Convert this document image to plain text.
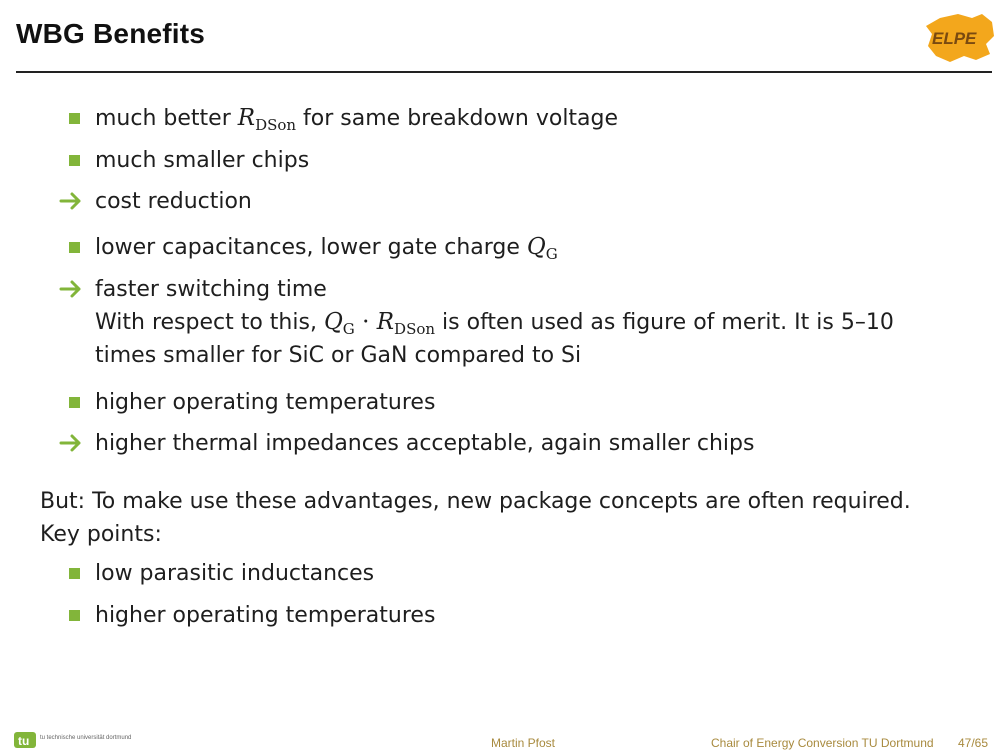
WBG Benefits	ELPE
much better $R_{DSon}$ for same breakdown voltage
much smaller chips
cost reduction
lower capacitances, lower gate charge $Q_G$
faster switching time
With respect to this, $Q_G \cdot R_{DSon}$ is often used as figure of merit. It is 5–10
times smaller for SiC or GaN compared to Si
higher operating temperatures
higher thermal impedances acceptable, again smaller chips
But: To make use these advantages, new package concepts are often required.
Key points:
low parasitic inductances
higher operating temperatures
tu tu technische universität dortmund	Martin Pfost	Chair of Energy Conversion TU Dortmund 47/65
